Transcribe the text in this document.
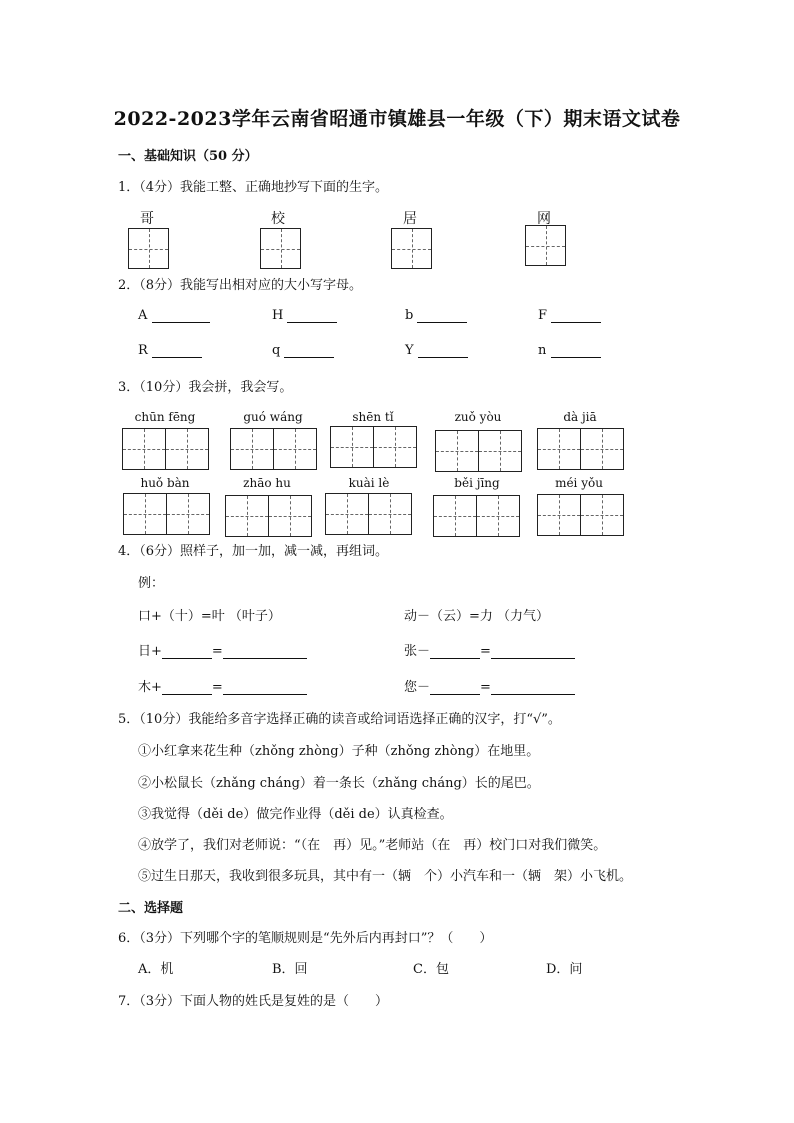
2022-2023学年云南省昭通市镇雄县一年级（下）期末语文试卷
一、基础知识（50 分）
1．（4分）我能工整、正确地抄写下面的生字。
哥	校	居	网
2．（8分）我能写出相对应的大小写字母。
A	H	b	F
R	q	Y	n
3．（10分）我会拼，我会写。
chūn fēng	guó wáng	shēn tǐ	zuǒ yòu	dà jiā
huǒ bàn	zhāo hu	kuài lè	běi jīng	méi yǒu
4．（6分）照样子，加一加，减一减，再组词。
例：
口+（十）=叶 （叶子）	动－（云）=力 （力气）
日+	=	张－	=
木+	=	您－	=
5．（10分）我能给多音字选择正确的读音或给词语选择正确的汉字，打“√”。
①小红拿来花生种（zhǒng zhòng）子种（zhǒng zhòng）在地里。
②小松鼠长（zhǎng cháng）着一条长（zhǎng cháng）长的尾巴。
③我觉得（děi de）做完作业得（děi de）认真检查。
④放学了，我们对老师说：“（在　再）见。”老师站（在　再）校门口对我们微笑。
⑤过生日那天，我收到很多玩具，其中有一（辆　个）小汽车和一（辆　架）小飞机。
二、选择题
6．（3分）下列哪个字的笔顺规则是“先外后内再封口”？（　　）
A．机	B．回	C．包	D．问
7．（3分）下面人物的姓氏是复姓的是（　　）
